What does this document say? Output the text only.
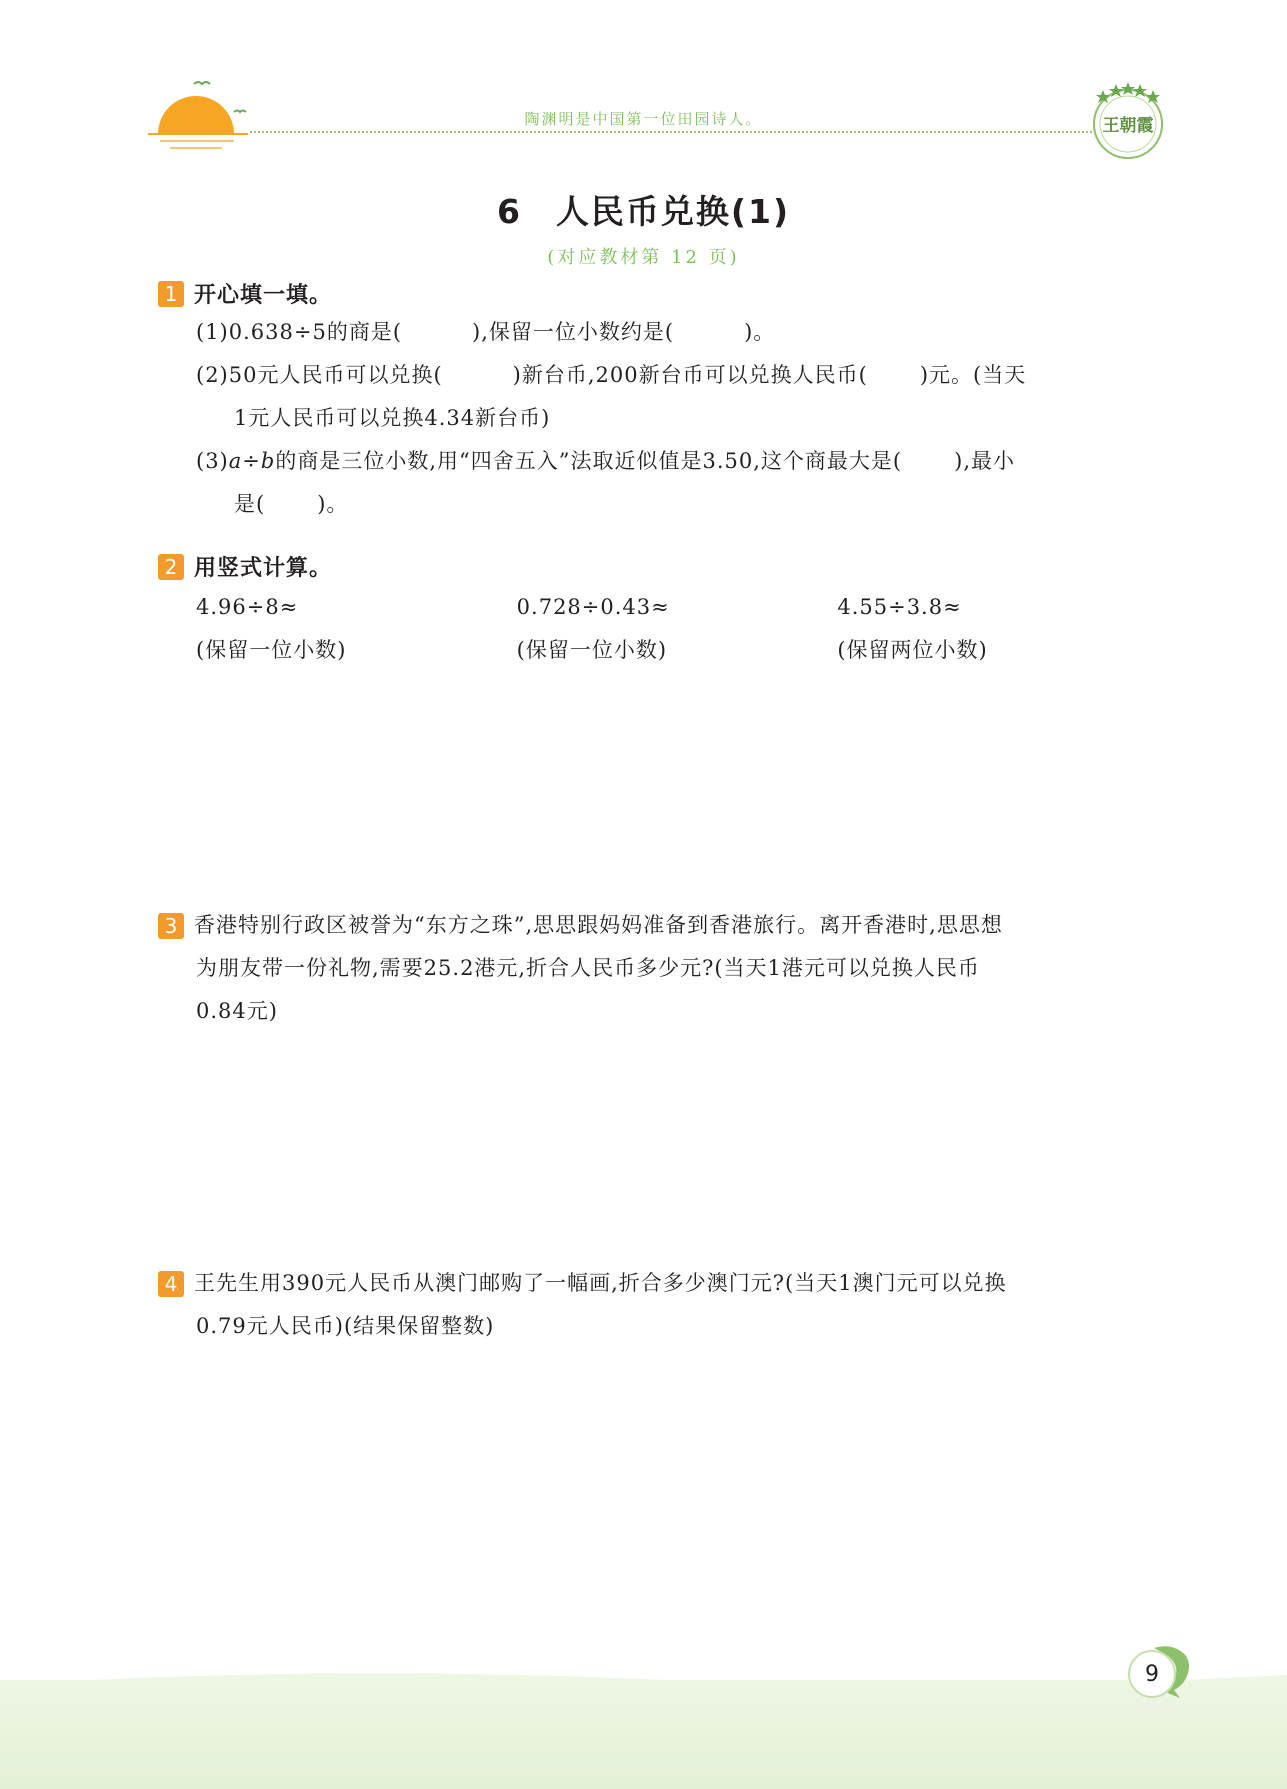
陶渊明是中国第一位田园诗人。	王朝霞
6 人民币兑换(1)
(对应教材第 12 页)
1 开心填一填。
(1)0.638÷5的商是(	),保留一位小数约是(	)。
(2)50元人民币可以兑换(	)新台币,200新台币可以兑换人民币( )元。(当天
1元人民币可以兑换4.34新台币)
(3)a÷b的商是三位小数,用“四舍五入”法取近似值是3.50,这个商最大是( ),最小
是( )。
2 用竖式计算。
4.96÷8≈
(保留一位小数)
0.728÷0.43≈
(保留一位小数)
4.55÷3.8≈
(保留两位小数)
3 香港特别行政区被誉为“东方之珠”,思思跟妈妈准备到香港旅行。离开香港时,思思想
为朋友带一份礼物,需要25.2港元,折合人民币多少元?(当天1港元可以兑换人民币
0.84元)
4 王先生用390元人民币从澳门邮购了一幅画,折合多少澳门元?(当天1澳门元可以兑换
0.79元人民币)(结果保留整数)
9
